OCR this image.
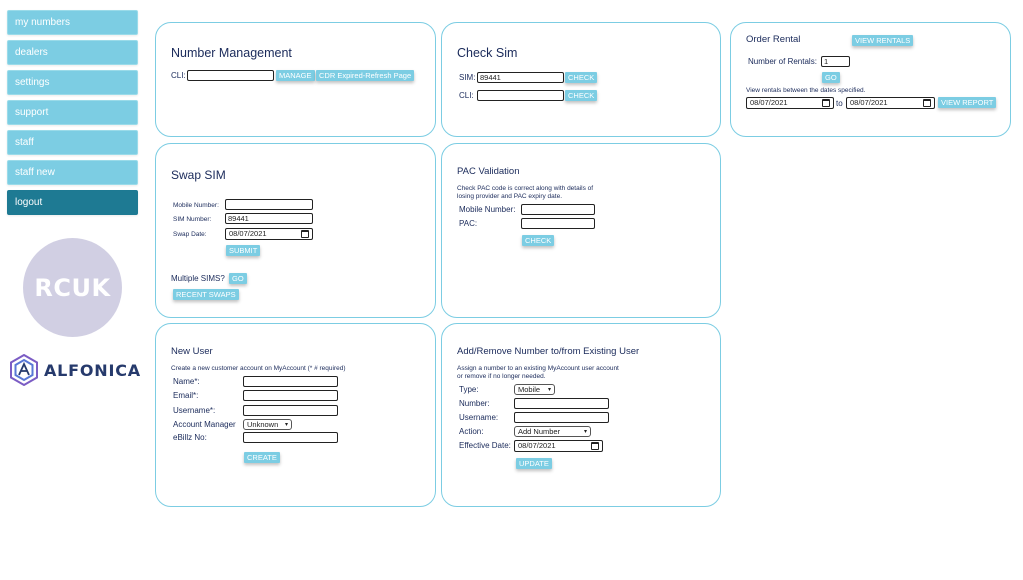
my numbers
dealers
settings
support
staff
staff new
logout
RCUK
ALFONICA
Number Management
CLI:	MANAGE CDR Expired-Refresh Page
Check Sim
SIM: 89441	CHECK
CLI:	CHECK
Order Rental	VIEW RENTALS
Number of Rentals: 1
GO
View rentals between the dates specified.
08/07/2021	to 08/07/2021	VIEW REPORT
Swap SIM
Mobile Number:
SIM Number:	89441
Swap Date:	08/07/2021
SUBMIT
Multiple SIMS? GO
RECENT SWAPS
PAC Validation
Check PAC code is correct along with details of
losing provider and PAC expiry date.
Mobile Number:
PAC:
CHECK
New User
Create a new customer account on MyAccount (* # required)
Name*:
Email*:
Username*:
Account Manager	Unknown ▾
eBillz No:
CREATE
Add/Remove Number to/from Existing User
Assign a number to an existing MyAccount user account
or remove if no longer needed.
Type:	Mobile ▾
Number:
Username:
Action:	Add Number	▾
Effective Date: 08/07/2021
UPDATE
